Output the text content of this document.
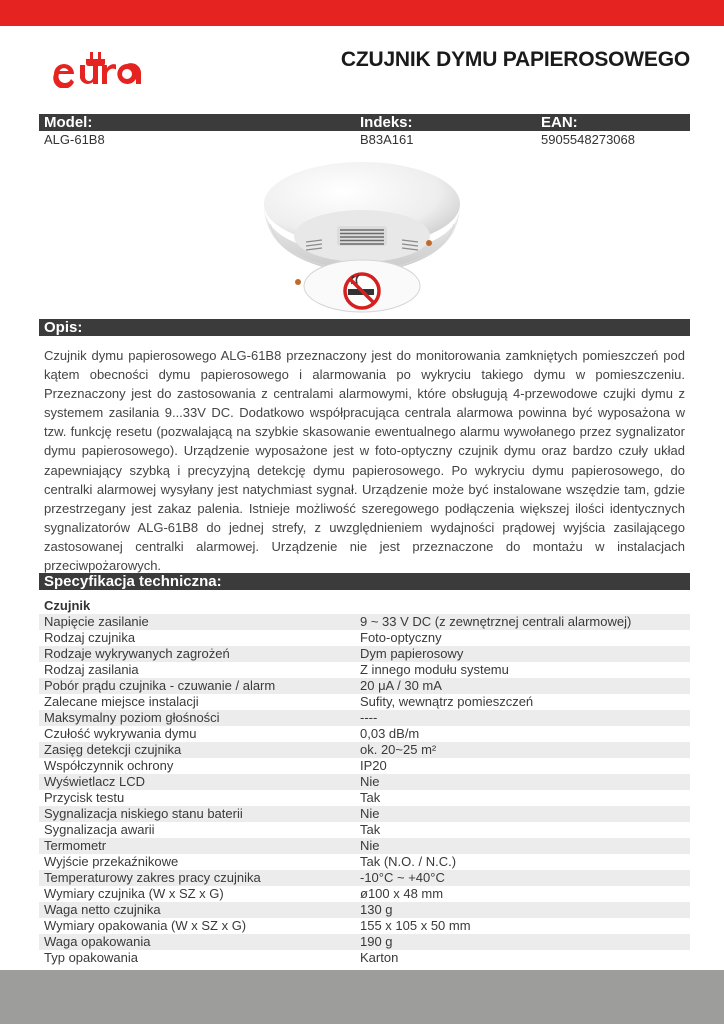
CZUJNIK DYMU PAPIEROSOWEGO
Model:	Indeks:	EAN:
ALG-61B8	B83A161	5905548273068
Opis:
Czujnik dymu papierosowego ALG-61B8 przeznaczony jest do monitorowania zamkniętych pomieszczeń pod kątem obecności dymu papierosowego i alarmowania po wykryciu takiego dymu w pomieszczeniu. Przeznaczony jest do zastosowania z centralami alarmowymi, które obsługują 4-przewodowe czujki dymu z systemem zasilania 9...33V DC. Dodatkowo współpracująca centrala alarmowa powinna być wyposażona w tzw. funkcję resetu (pozwalającą na szybkie skasowanie ewentualnego alarmu wywołanego przez sygnalizator dymu papierosowego). Urządzenie wyposażone jest w foto-optyczny czujnik dymu oraz bardzo czuły układ zapewniający szybką i precyzyjną detekcję dymu papierosowego. Po wykryciu dymu papierosowego, do centralki alarmowej wysyłany jest natychmiast sygnał. Urządzenie może być instalowane wszędzie tam, gdzie przestrzegany jest zakaz palenia. Istnieje możliwość szeregowego podłączenia większej ilości identycznych sygnalizatorów ALG-61B8 do jednej strefy, z uwzględnieniem wydajności prądowej wyjścia zasilającego zastosowanej centralki alarmowej. Urządzenie nie jest przeznaczone do montażu w instalacjach przeciwpożarowych.
Specyfikacja techniczna:
Czujnik
Napięcie zasilanie	9 ~ 33 V DC (z zewnętrznej centrali alarmowej)
Rodzaj czujnika	Foto-optyczny
Rodzaje wykrywanych zagrożeń	Dym papierosowy
Rodzaj zasilania	Z innego modułu systemu
Pobór prądu czujnika - czuwanie / alarm	20 μA / 30 mA
Zalecane miejsce instalacji	Sufity, wewnątrz pomieszczeń
Maksymalny poziom głośności	----
Czułość wykrywania dymu	0,03 dB/m
Zasięg detekcji czujnika	ok. 20~25 m²
Współczynnik ochrony	IP20
Wyświetlacz LCD	Nie
Przycisk testu	Tak
Sygnalizacja niskiego stanu baterii	Nie
Sygnalizacja awarii	Tak
Termometr	Nie
Wyjście przekaźnikowe	Tak (N.O. / N.C.)
Temperaturowy zakres pracy czujnika	-10°C ~ +40°C
Wymiary czujnika (W x SZ x G)	ø100 x 48 mm
Waga netto czujnika	130 g
Wymiary opakowania (W x SZ x G)	155 x 105 x 50 mm
Waga opakowania	190 g
Typ opakowania	Karton
